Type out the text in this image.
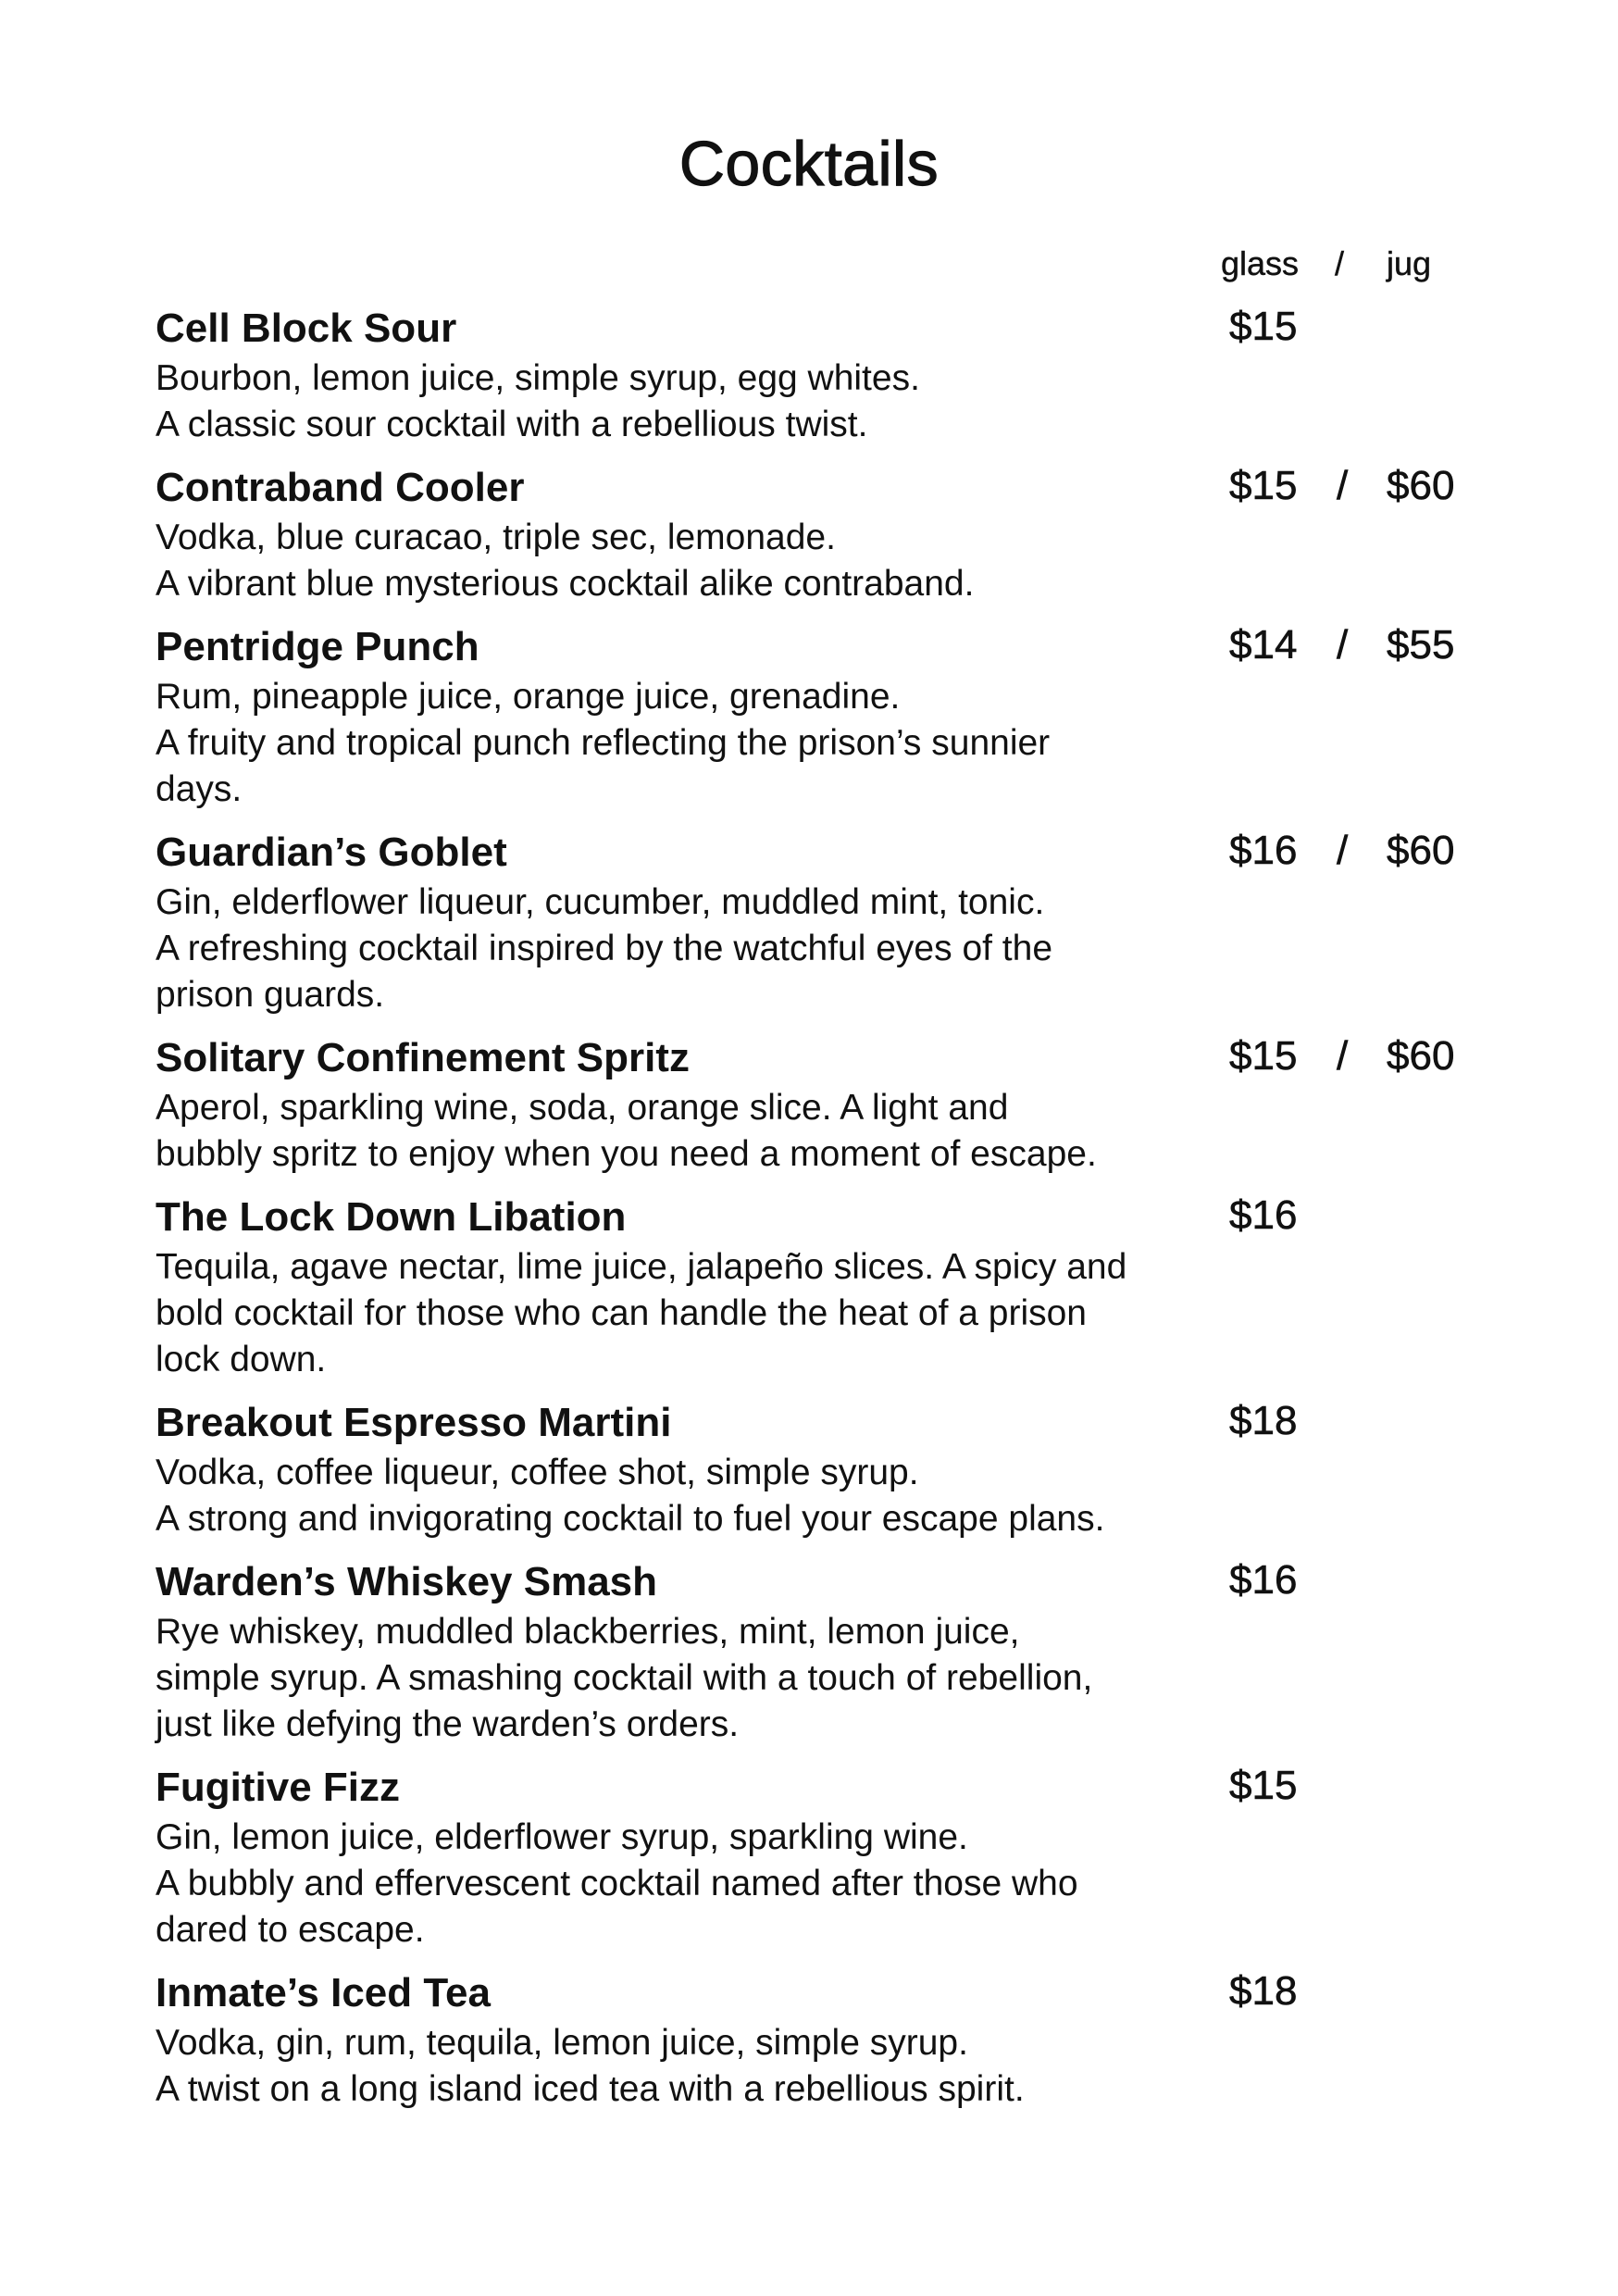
Cocktails
glass / jug
Cell Block Sour
Bourbon, lemon juice, simple syrup, egg whites.
A classic sour cocktail with a rebellious twist.
$15
Contraband Cooler
Vodka, blue curacao, triple sec, lemonade.
A vibrant blue mysterious cocktail alike contraband.
$15 / $60
Pentridge Punch
Rum, pineapple juice, orange juice, grenadine.
A fruity and tropical punch reflecting the prison’s sunnier
days.
$14 / $55
Guardian’s Goblet
Gin, elderflower liqueur, cucumber, muddled mint, tonic.
A refreshing cocktail inspired by the watchful eyes of the
prison guards.
$16 / $60
Solitary Confinement Spritz
Aperol, sparkling wine, soda, orange slice. A light and
bubbly spritz to enjoy when you need a moment of escape.
$15 / $60
The Lock Down Libation
Tequila, agave nectar, lime juice, jalapeño slices. A spicy and
bold cocktail for those who can handle the heat of a prison
lock down.
$16
Breakout Espresso Martini
Vodka, coffee liqueur, coffee shot, simple syrup.
A strong and invigorating cocktail to fuel your escape plans.
$18
Warden’s Whiskey Smash
Rye whiskey, muddled blackberries, mint, lemon juice,
simple syrup. A smashing cocktail with a touch of rebellion,
just like defying the warden’s orders.
$16
Fugitive Fizz
Gin, lemon juice, elderflower syrup, sparkling wine.
A bubbly and effervescent cocktail named after those who
dared to escape.
$15
Inmate’s Iced Tea
Vodka, gin, rum, tequila, lemon juice, simple syrup.
A twist on a long island iced tea with a rebellious spirit.
$18
